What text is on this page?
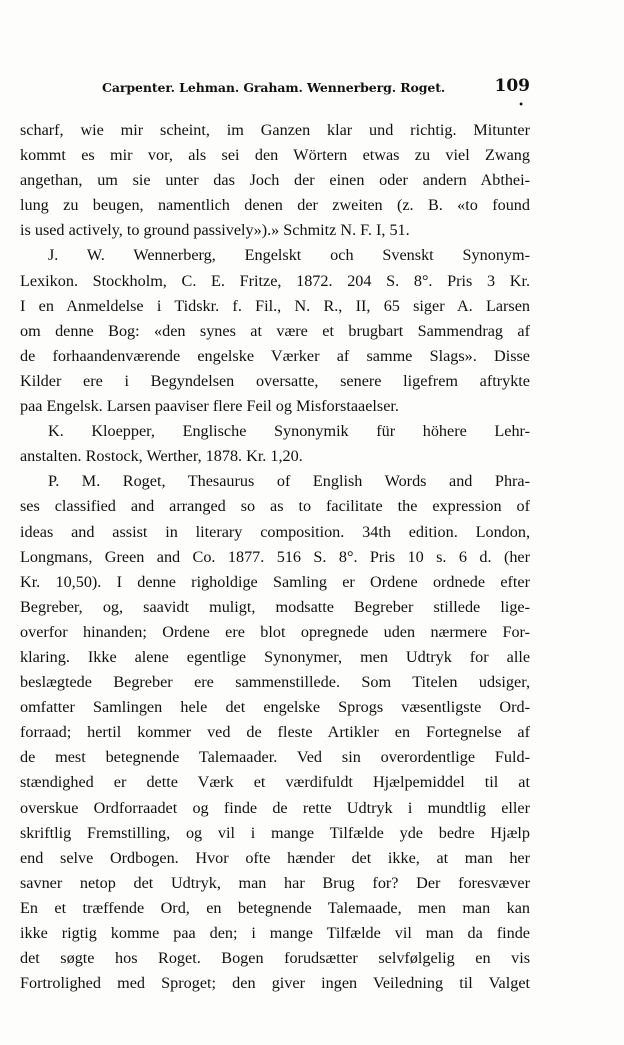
Carpenter. Lehman. Graham. Wennerberg. Roget.	109
•
scharf, wie mir scheint, im Ganzen klar und richtig. Mitunter
kommt es mir vor, als sei den Wörtern etwas zu viel Zwang
angethan, um sie unter das Joch der einen oder andern Abthei-
lung zu beugen, namentlich denen der zweiten (z. B. «to found
is used actively, to ground passively»).» Schmitz N. F. I, 51.
J. W. Wennerberg, Engelskt och Svenskt Synonym-
Lexikon. Stockholm, C. E. Fritze, 1872. 204 S. 8°. Pris 3 Kr.
I en Anmeldelse i Tidskr. f. Fil., N. R., II, 65 siger A. Larsen
om denne Bog: «den synes at være et brugbart Sammendrag af
de forhaandenværende engelske Værker af samme Slags». Disse
Kilder ere i Begyndelsen oversatte, senere ligefrem aftrykte
paa Engelsk. Larsen paaviser flere Feil og Misforstaaelser.
K. Kloepper, Englische Synonymik für höhere Lehr-
anstalten. Rostock, Werther, 1878. Kr. 1,20.
P. M. Roget, Thesaurus of English Words and Phra-
ses classified and arranged so as to facilitate the expression of
ideas and assist in literary composition. 34th edition. London,
Longmans, Green and Co. 1877. 516 S. 8°. Pris 10 s. 6 d. (her
Kr. 10,50). I denne righoldige Samling er Ordene ordnede efter
Begreber, og, saavidt muligt, modsatte Begreber stillede lige-
overfor hinanden; Ordene ere blot opregnede uden nærmere For-
klaring. Ikke alene egentlige Synonymer, men Udtryk for alle
beslægtede Begreber ere sammenstillede. Som Titelen udsiger,
omfatter Samlingen hele det engelske Sprogs væsentligste Ord-
forraad; hertil kommer ved de fleste Artikler en Fortegnelse af
de mest betegnende Talemaader. Ved sin overordentlige Fuld-
stændighed er dette Værk et værdifuldt Hjælpemiddel til at
overskue Ordforraadet og finde de rette Udtryk i mundtlig eller
skriftlig Fremstilling, og vil i mange Tilfælde yde bedre Hjælp
end selve Ordbogen. Hvor ofte hænder det ikke, at man her
savner netop det Udtryk, man har Brug for? Der foresvæver
En et træffende Ord, en betegnende Talemaade, men man kan
ikke rigtig komme paa den; i mange Tilfælde vil man da finde
det søgte hos Roget. Bogen forudsætter selvfølgelig en vis
Fortrolighed med Sproget; den giver ingen Veiledning til Valget
